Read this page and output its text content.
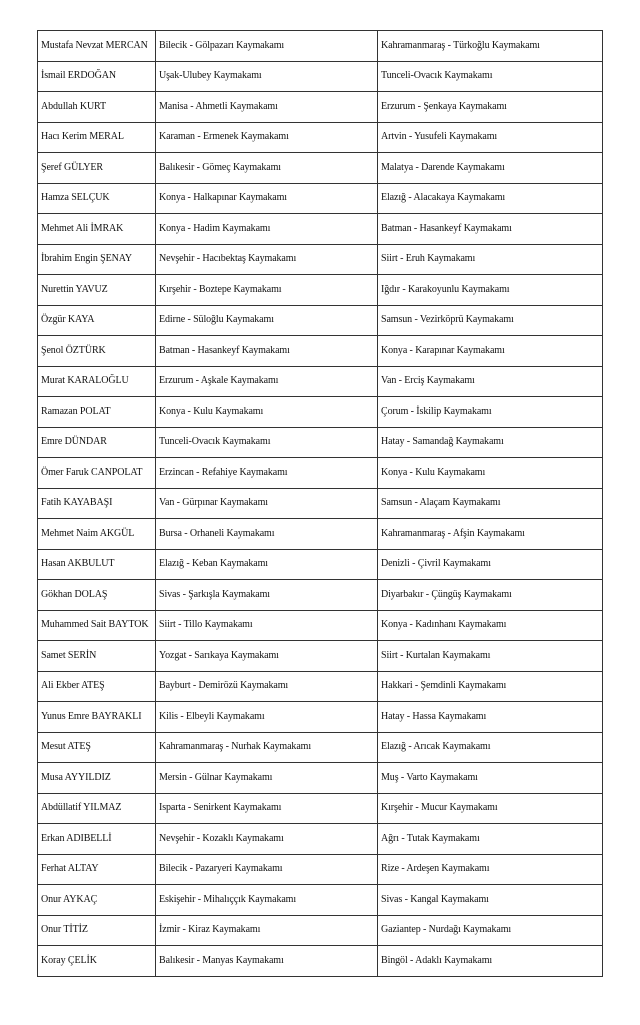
Mustafa Nevzat MERCAN	Bilecik - Gölpazarı Kaymakamı	Kahramanmaraş - Türkoğlu Kaymakamı
İsmail ERDOĞAN	Uşak-Ulubey Kaymakamı	Tunceli-Ovacık Kaymakamı
Abdullah KURT	Manisa - Ahmetli Kaymakamı	Erzurum - Şenkaya Kaymakamı
Hacı Kerim MERAL	Karaman - Ermenek Kaymakamı	Artvin - Yusufeli Kaymakamı
Şeref GÜLYER	Balıkesir - Gömeç Kaymakamı	Malatya - Darende Kaymakamı
Hamza SELÇUK	Konya - Halkapınar Kaymakamı	Elazığ - Alacakaya Kaymakamı
Mehmet Ali İMRAK	Konya - Hadim Kaymakamı	Batman - Hasankeyf Kaymakamı
İbrahim Engin ŞENAY	Nevşehir - Hacıbektaş Kaymakamı	Siirt - Eruh Kaymakamı
Nurettin YAVUZ	Kırşehir - Boztepe Kaymakamı	Iğdır - Karakoyunlu Kaymakamı
Özgür KAYA	Edirne - Süloğlu Kaymakamı	Samsun - Vezirköprü Kaymakamı
Şenol ÖZTÜRK	Batman - Hasankeyf Kaymakamı	Konya - Karapınar Kaymakamı
Murat KARALOĞLU	Erzurum - Aşkale Kaymakamı	Van - Erciş Kaymakamı
Ramazan POLAT	Konya - Kulu Kaymakamı	Çorum - İskilip Kaymakamı
Emre DÜNDAR	Tunceli-Ovacık Kaymakamı	Hatay - Samandağ Kaymakamı
Ömer Faruk CANPOLAT	Erzincan - Refahiye Kaymakamı	Konya - Kulu Kaymakamı
Fatih KAYABAŞI	Van - Gürpınar Kaymakamı	Samsun - Alaçam Kaymakamı
Mehmet Naim AKGÜL	Bursa - Orhaneli Kaymakamı	Kahramanmaraş - Afşin Kaymakamı
Hasan AKBULUT	Elazığ - Keban Kaymakamı	Denizli - Çivril Kaymakamı
Gökhan DOLAŞ	Sivas - Şarkışla Kaymakamı	Diyarbakır - Çüngüş Kaymakamı
Muhammed Sait BAYTOK	Siirt - Tillo Kaymakamı	Konya - Kadınhanı Kaymakamı
Samet SERİN	Yozgat - Sarıkaya Kaymakamı	Siirt - Kurtalan Kaymakamı
Ali Ekber ATEŞ	Bayburt - Demirözü Kaymakamı	Hakkari - Şemdinli Kaymakamı
Yunus Emre BAYRAKLI	Kilis - Elbeyli Kaymakamı	Hatay - Hassa Kaymakamı
Mesut ATEŞ	Kahramanmaraş - Nurhak Kaymakamı	Elazığ - Arıcak Kaymakamı
Musa AYYILDIZ	Mersin - Gülnar Kaymakamı	Muş - Varto Kaymakamı
Abdüllatif YILMAZ	Isparta - Senirkent Kaymakamı	Kırşehir - Mucur Kaymakamı
Erkan ADIBELLİ	Nevşehir - Kozaklı Kaymakamı	Ağrı - Tutak Kaymakamı
Ferhat ALTAY	Bilecik - Pazaryeri Kaymakamı	Rize - Ardeşen Kaymakamı
Onur AYKAÇ	Eskişehir - Mihalıççık Kaymakamı	Sivas - Kangal Kaymakamı
Onur TİTİZ	İzmir - Kiraz Kaymakamı	Gaziantep - Nurdağı Kaymakamı
Koray ÇELİK	Balıkesir - Manyas Kaymakamı	Bingöl - Adaklı Kaymakamı
